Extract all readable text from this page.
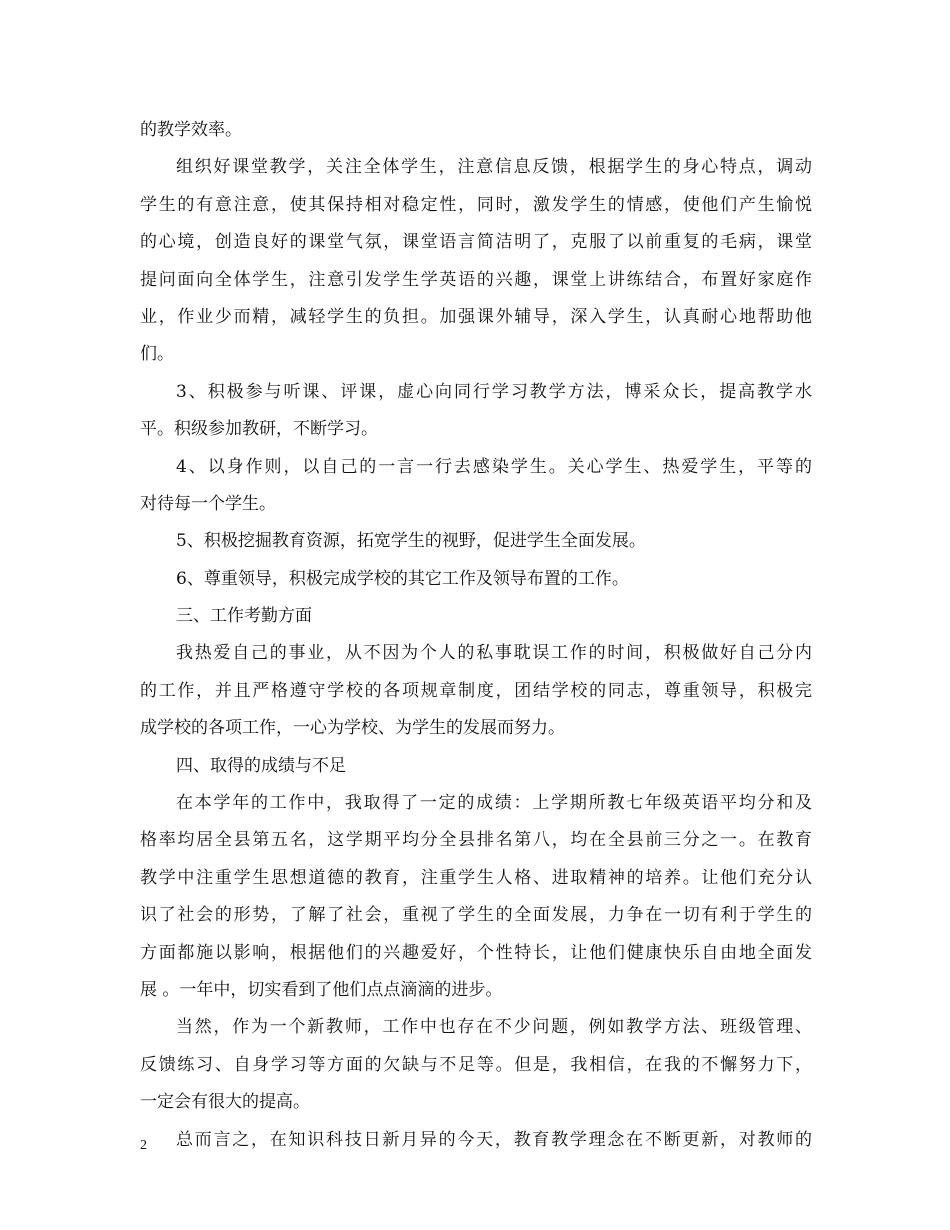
的教学效率。
组织好课堂教学，关注全体学生，注意信息反馈，根据学生的身心特点，调动
学生的有意注意，使其保持相对稳定性，同时，激发学生的情感，使他们产生愉悦
的心境，创造良好的课堂气氛，课堂语言简洁明了，克服了以前重复的毛病，课堂
提问面向全体学生，注意引发学生学英语的兴趣，课堂上讲练结合，布置好家庭作
业，作业少而精，减轻学生的负担。加强课外辅导，深入学生，认真耐心地帮助他
们。
3、积极参与听课、评课，虚心向同行学习教学方法，博采众长，提高教学水
平。积级参加教研，不断学习。
4、以身作则，以自己的一言一行去感染学生。关心学生、热爱学生，平等的
对待每一个学生。
5、积极挖掘教育资源，拓宽学生的视野，促进学生全面发展。
6、尊重领导，积极完成学校的其它工作及领导布置的工作。
三、工作考勤方面
我热爱自己的事业，从不因为个人的私事耽误工作的时间，积极做好自己分内
的工作，并且严格遵守学校的各项规章制度，团结学校的同志，尊重领导，积极完
成学校的各项工作，一心为学校、为学生的发展而努力。
四、取得的成绩与不足
在本学年的工作中，我取得了一定的成绩：上学期所教七年级英语平均分和及
格率均居全县第五名，这学期平均分全县排名第八，均在全县前三分之一。在教育
教学中注重学生思想道德的教育，注重学生人格、进取精神的培养。让他们充分认
识了社会的形势，了解了社会，重视了学生的全面发展，力争在一切有利于学生的
方面都施以影响，根据他们的兴趣爱好，个性特长，让他们健康快乐自由地全面发
展 。一年中，切实看到了他们点点滴滴的进步。
当然，作为一个新教师，工作中也存在不少问题，例如教学方法、班级管理、
反馈练习、自身学习等方面的欠缺与不足等。但是，我相信，在我的不懈努力下，
一定会有很大的提高。
总而言之，在知识科技日新月异的今天，教育教学理念在不断更新，对教师的
2
